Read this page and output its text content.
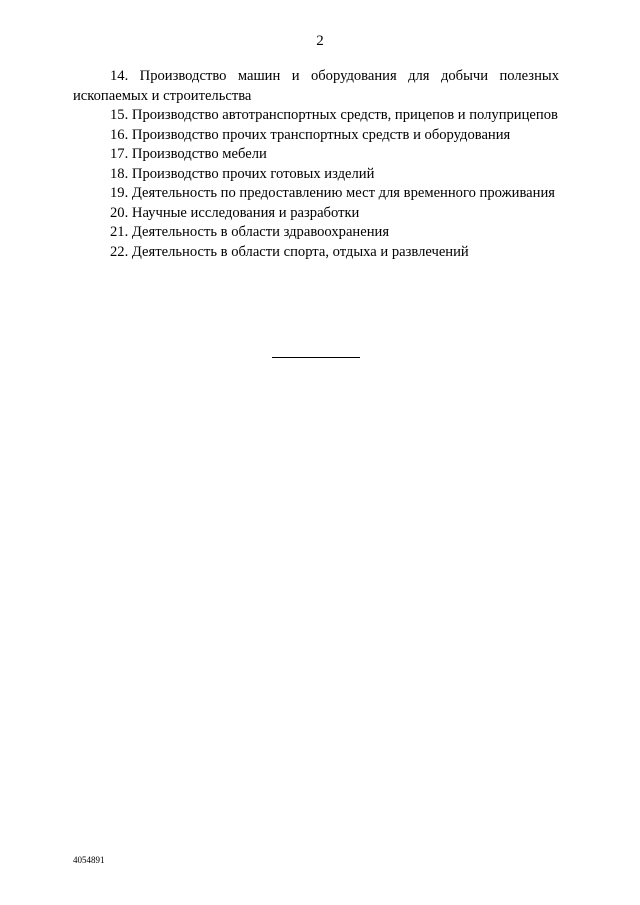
2

14. Производство машин и оборудования для добычи полезных ископаемых и строительства

15. Производство автотранспортных средств, прицепов и полуприцепов

16. Производство прочих транспортных средств и оборудования

17. Производство мебели

18. Производство прочих готовых изделий

19. Деятельность по предоставлению мест для временного проживания

20. Научные исследования и разработки

21. Деятельность в области здравоохранения

22. Деятельность в области спорта, отдыха и развлечений

4054891
